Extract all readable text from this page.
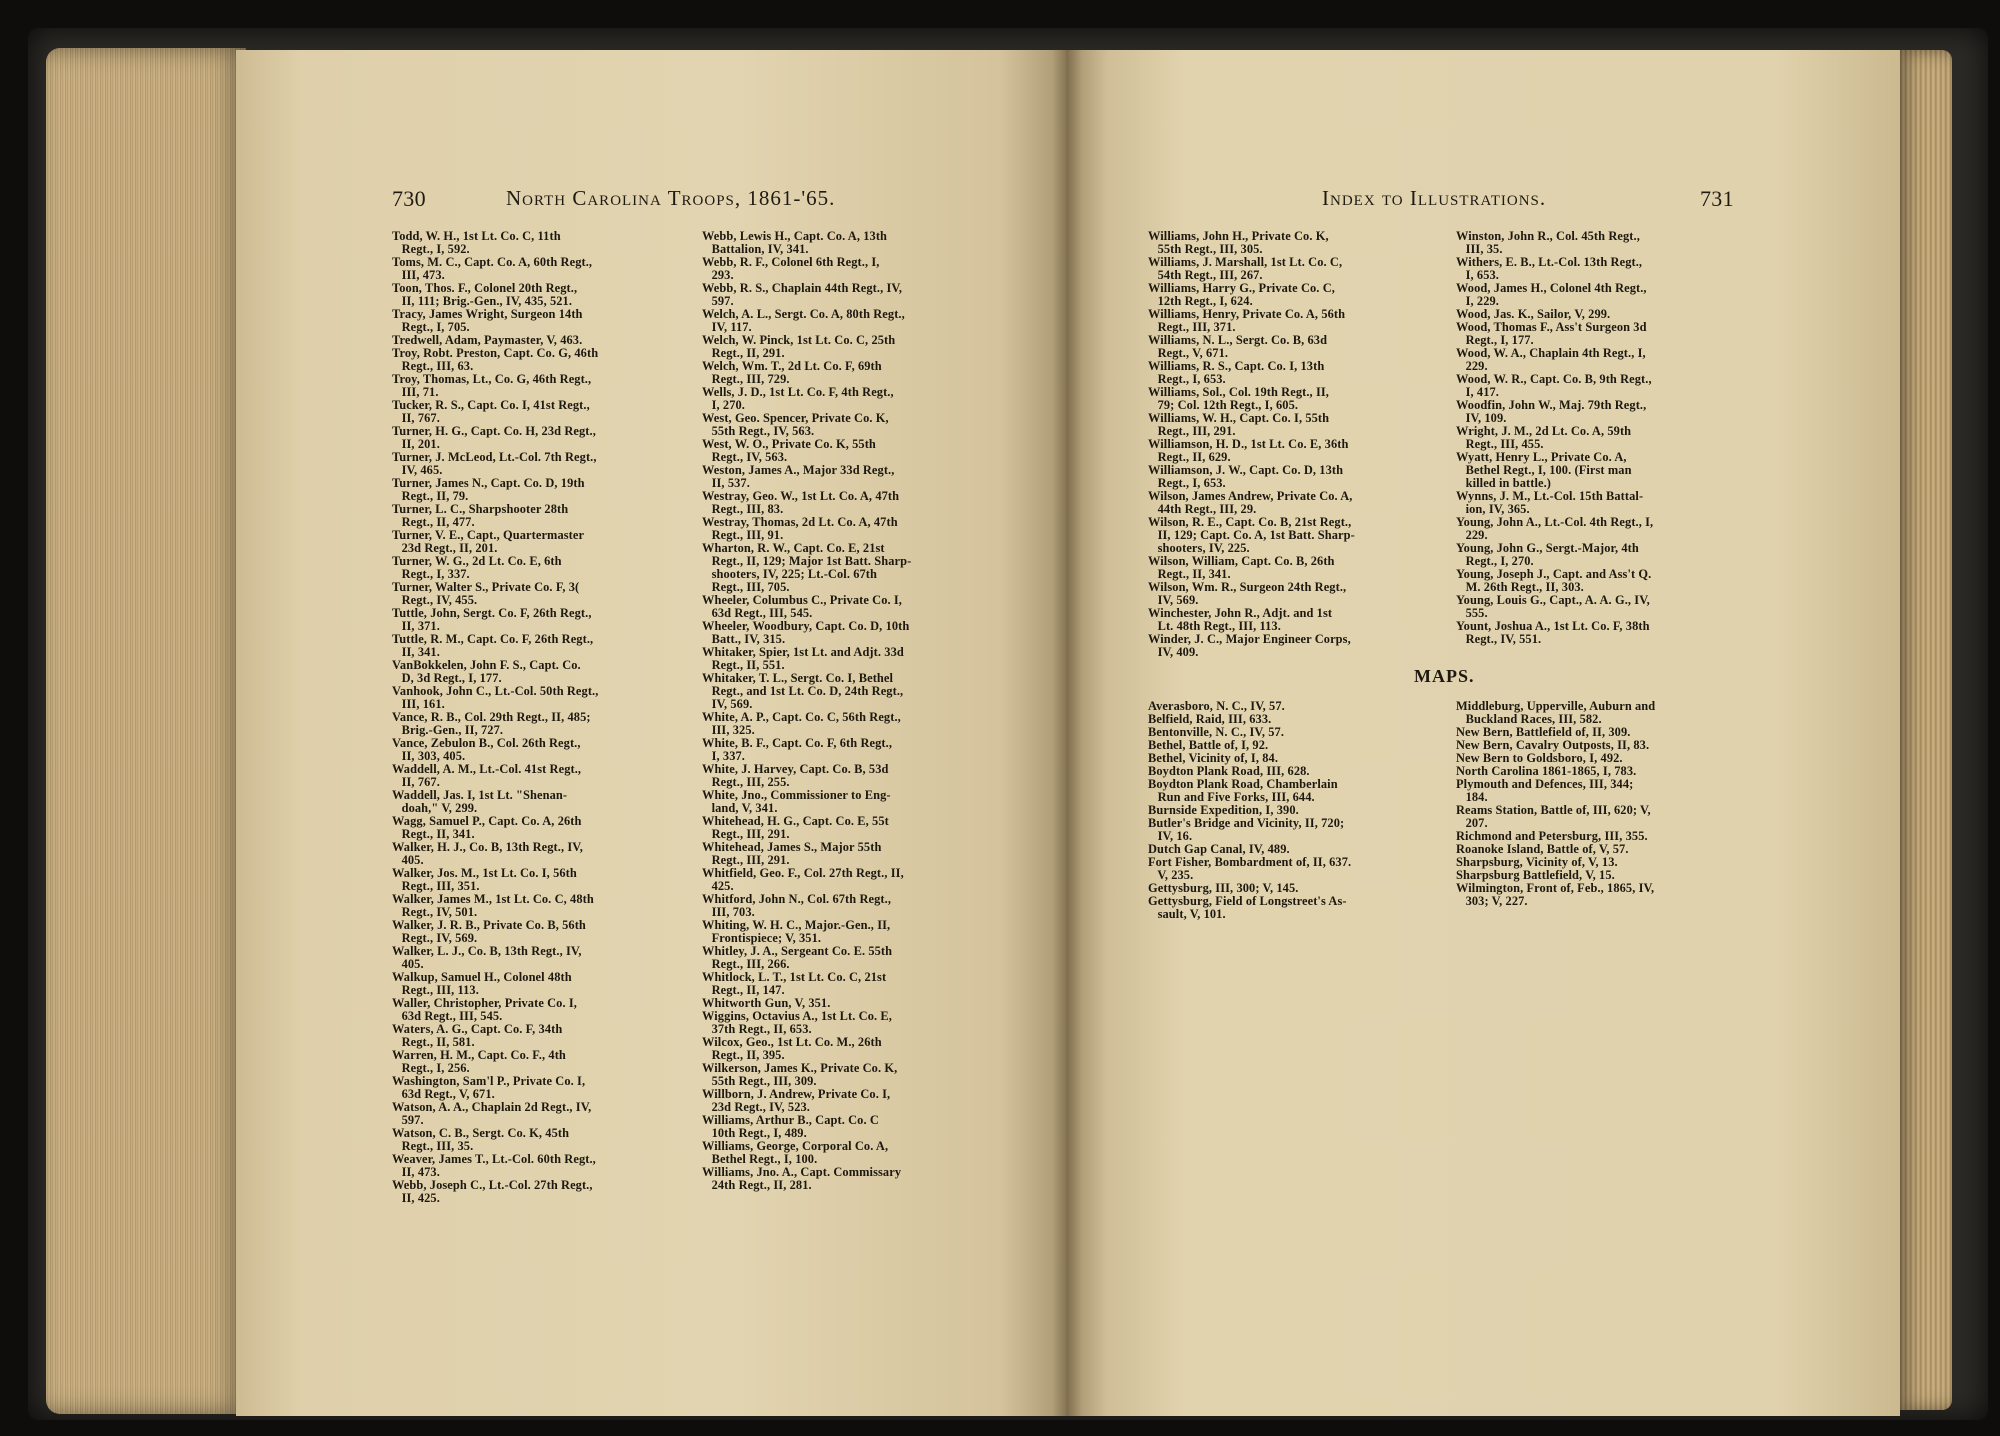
730	North Carolina Troops, 1861-'65.	Index to Illustrations.	731
Todd, W. H., 1st Lt. Co. C, 11th
Regt., I, 592.
Toms, M. C., Capt. Co. A, 60th Regt.,
III, 473.
Toon, Thos. F., Colonel 20th Regt.,
II, 111; Brig.-Gen., IV, 435, 521.
Tracy, James Wright, Surgeon 14th
Regt., I, 705.
Tredwell, Adam, Paymaster, V, 463.
Troy, Robt. Preston, Capt. Co. G, 46th
Regt., III, 63.
Troy, Thomas, Lt., Co. G, 46th Regt.,
III, 71.
Tucker, R. S., Capt. Co. I, 41st Regt.,
II, 767.
Turner, H. G., Capt. Co. H, 23d Regt.,
II, 201.
Turner, J. McLeod, Lt.-Col. 7th Regt.,
IV, 465.
Turner, James N., Capt. Co. D, 19th
Regt., II, 79.
Turner, L. C., Sharpshooter 28th
Regt., II, 477.
Turner, V. E., Capt., Quartermaster
23d Regt., II, 201.
Turner, W. G., 2d Lt. Co. E, 6th
Regt., I, 337.
Turner, Walter S., Private Co. F, 3(
Regt., IV, 455.
Tuttle, John, Sergt. Co. F, 26th Regt.,
II, 371.
Tuttle, R. M., Capt. Co. F, 26th Regt.,
II, 341.
VanBokkelen, John F. S., Capt. Co.
D, 3d Regt., I, 177.
Vanhook, John C., Lt.-Col. 50th Regt.,
III, 161.
Vance, R. B., Col. 29th Regt., II, 485;
Brig.-Gen., II, 727.
Vance, Zebulon B., Col. 26th Regt.,
II, 303, 405.
Waddell, A. M., Lt.-Col. 41st Regt.,
II, 767.
Waddell, Jas. I, 1st Lt. "Shenan-
doah," V, 299.
Wagg, Samuel P., Capt. Co. A, 26th
Regt., II, 341.
Walker, H. J., Co. B, 13th Regt., IV,
405.
Walker, Jos. M., 1st Lt. Co. I, 56th
Regt., III, 351.
Walker, James M., 1st Lt. Co. C, 48th
Regt., IV, 501.
Walker, J. R. B., Private Co. B, 56th
Regt., IV, 569.
Walker, L. J., Co. B, 13th Regt., IV,
405.
Walkup, Samuel H., Colonel 48th
Regt., III, 113.
Waller, Christopher, Private Co. I,
63d Regt., III, 545.
Waters, A. G., Capt. Co. F, 34th
Regt., II, 581.
Warren, H. M., Capt. Co. F., 4th
Regt., I, 256.
Washington, Sam'l P., Private Co. I,
63d Regt., V, 671.
Watson, A. A., Chaplain 2d Regt., IV,
597.
Watson, C. B., Sergt. Co. K, 45th
Regt., III, 35.
Weaver, James T., Lt.-Col. 60th Regt.,
II, 473.
Webb, Joseph C., Lt.-Col. 27th Regt.,
II, 425.
Webb, Lewis H., Capt. Co. A, 13th
Battalion, IV, 341.
Webb, R. F., Colonel 6th Regt., I,
293.
Webb, R. S., Chaplain 44th Regt., IV,
597.
Welch, A. L., Sergt. Co. A, 80th Regt.,
IV, 117.
Welch, W. Pinck, 1st Lt. Co. C, 25th
Regt., II, 291.
Welch, Wm. T., 2d Lt. Co. F, 69th
Regt., III, 729.
Wells, J. D., 1st Lt. Co. F, 4th Regt.,
I, 270.
West, Geo. Spencer, Private Co. K,
55th Regt., IV, 563.
West, W. O., Private Co. K, 55th
Regt., IV, 563.
Weston, James A., Major 33d Regt.,
II, 537.
Westray, Geo. W., 1st Lt. Co. A, 47th
Regt., III, 83.
Westray, Thomas, 2d Lt. Co. A, 47th
Regt., III, 91.
Wharton, R. W., Capt. Co. E, 21st
Regt., II, 129; Major 1st Batt. Sharp-
shooters, IV, 225; Lt.-Col. 67th
Regt., III, 705.
Wheeler, Columbus C., Private Co. I,
63d Regt., III, 545.
Wheeler, Woodbury, Capt. Co. D, 10th
Batt., IV, 315.
Whitaker, Spier, 1st Lt. and Adjt. 33d
Regt., II, 551.
Whitaker, T. L., Sergt. Co. I, Bethel
Regt., and 1st Lt. Co. D, 24th Regt.,
IV, 569.
White, A. P., Capt. Co. C, 56th Regt.,
III, 325.
White, B. F., Capt. Co. F, 6th Regt.,
I, 337.
White, J. Harvey, Capt. Co. B, 53d
Regt., III, 255.
White, Jno., Commissioner to Eng-
land, V, 341.
Whitehead, H. G., Capt. Co. E, 55t
Regt., III, 291.
Whitehead, James S., Major 55th
Regt., III, 291.
Whitfield, Geo. F., Col. 27th Regt., II,
425.
Whitford, John N., Col. 67th Regt.,
III, 703.
Whiting, W. H. C., Major.-Gen., II,
Frontispiece; V, 351.
Whitley, J. A., Sergeant Co. E. 55th
Regt., III, 266.
Whitlock, L. T., 1st Lt. Co. C, 21st
Regt., II, 147.
Whitworth Gun, V, 351.
Wiggins, Octavius A., 1st Lt. Co. E,
37th Regt., II, 653.
Wilcox, Geo., 1st Lt. Co. M., 26th
Regt., II, 395.
Wilkerson, James K., Private Co. K,
55th Regt., III, 309.
Willborn, J. Andrew, Private Co. I,
23d Regt., IV, 523.
Williams, Arthur B., Capt. Co. C
10th Regt., I, 489.
Williams, George, Corporal Co. A,
Bethel Regt., I, 100.
Williams, Jno. A., Capt. Commissary
24th Regt., II, 281.
Williams, John H., Private Co. K,
55th Regt., III, 305.
Williams, J. Marshall, 1st Lt. Co. C,
54th Regt., III, 267.
Williams, Harry G., Private Co. C,
12th Regt., I, 624.
Williams, Henry, Private Co. A, 56th
Regt., III, 371.
Williams, N. L., Sergt. Co. B, 63d
Regt., V, 671.
Williams, R. S., Capt. Co. I, 13th
Regt., I, 653.
Williams, Sol., Col. 19th Regt., II,
79; Col. 12th Regt., I, 605.
Williams, W. H., Capt. Co. I, 55th
Regt., III, 291.
Williamson, H. D., 1st Lt. Co. E, 36th
Regt., II, 629.
Williamson, J. W., Capt. Co. D, 13th
Regt., I, 653.
Wilson, James Andrew, Private Co. A,
44th Regt., III, 29.
Wilson, R. E., Capt. Co. B, 21st Regt.,
II, 129; Capt. Co. A, 1st Batt. Sharp-
shooters, IV, 225.
Wilson, William, Capt. Co. B, 26th
Regt., II, 341.
Wilson, Wm. R., Surgeon 24th Regt.,
IV, 569.
Winchester, John R., Adjt. and 1st
Lt. 48th Regt., III, 113.
Winder, J. C., Major Engineer Corps,
IV, 409.
Winston, John R., Col. 45th Regt.,
III, 35.
Withers, E. B., Lt.-Col. 13th Regt.,
I, 653.
Wood, James H., Colonel 4th Regt.,
I, 229.
Wood, Jas. K., Sailor, V, 299.
Wood, Thomas F., Ass't Surgeon 3d
Regt., I, 177.
Wood, W. A., Chaplain 4th Regt., I,
229.
Wood, W. R., Capt. Co. B, 9th Regt.,
I, 417.
Woodfin, John W., Maj. 79th Regt.,
IV, 109.
Wright, J. M., 2d Lt. Co. A, 59th
Regt., III, 455.
Wyatt, Henry L., Private Co. A,
Bethel Regt., I, 100. (First man
killed in battle.)
Wynns, J. M., Lt.-Col. 15th Battal-
ion, IV, 365.
Young, John A., Lt.-Col. 4th Regt., I,
229.
Young, John G., Sergt.-Major, 4th
Regt., I, 270.
Young, Joseph J., Capt. and Ass't Q.
M. 26th Regt., II, 303.
Young, Louis G., Capt., A. A. G., IV,
555.
Yount, Joshua A., 1st Lt. Co. F, 38th
Regt., IV, 551.
MAPS.
Averasboro, N. C., IV, 57.
Belfield, Raid, III, 633.
Bentonville, N. C., IV, 57.
Bethel, Battle of, I, 92.
Bethel, Vicinity of, I, 84.
Boydton Plank Road, III, 628.
Boydton Plank Road, Chamberlain
Run and Five Forks, III, 644.
Burnside Expedition, I, 390.
Butler's Bridge and Vicinity, II, 720;
IV, 16.
Dutch Gap Canal, IV, 489.
Fort Fisher, Bombardment of, II, 637.
V, 235.
Gettysburg, III, 300; V, 145.
Gettysburg, Field of Longstreet's As-
sault, V, 101.
Middleburg, Upperville, Auburn and
Buckland Races, III, 582.
New Bern, Battlefield of, II, 309.
New Bern, Cavalry Outposts, II, 83.
New Bern to Goldsboro, I, 492.
North Carolina 1861-1865, I, 783.
Plymouth and Defences, III, 344;
184.
Reams Station, Battle of, III, 620; V,
207.
Richmond and Petersburg, III, 355.
Roanoke Island, Battle of, V, 57.
Sharpsburg, Vicinity of, V, 13.
Sharpsburg Battlefield, V, 15.
Wilmington, Front of, Feb., 1865, IV,
303; V, 227.
